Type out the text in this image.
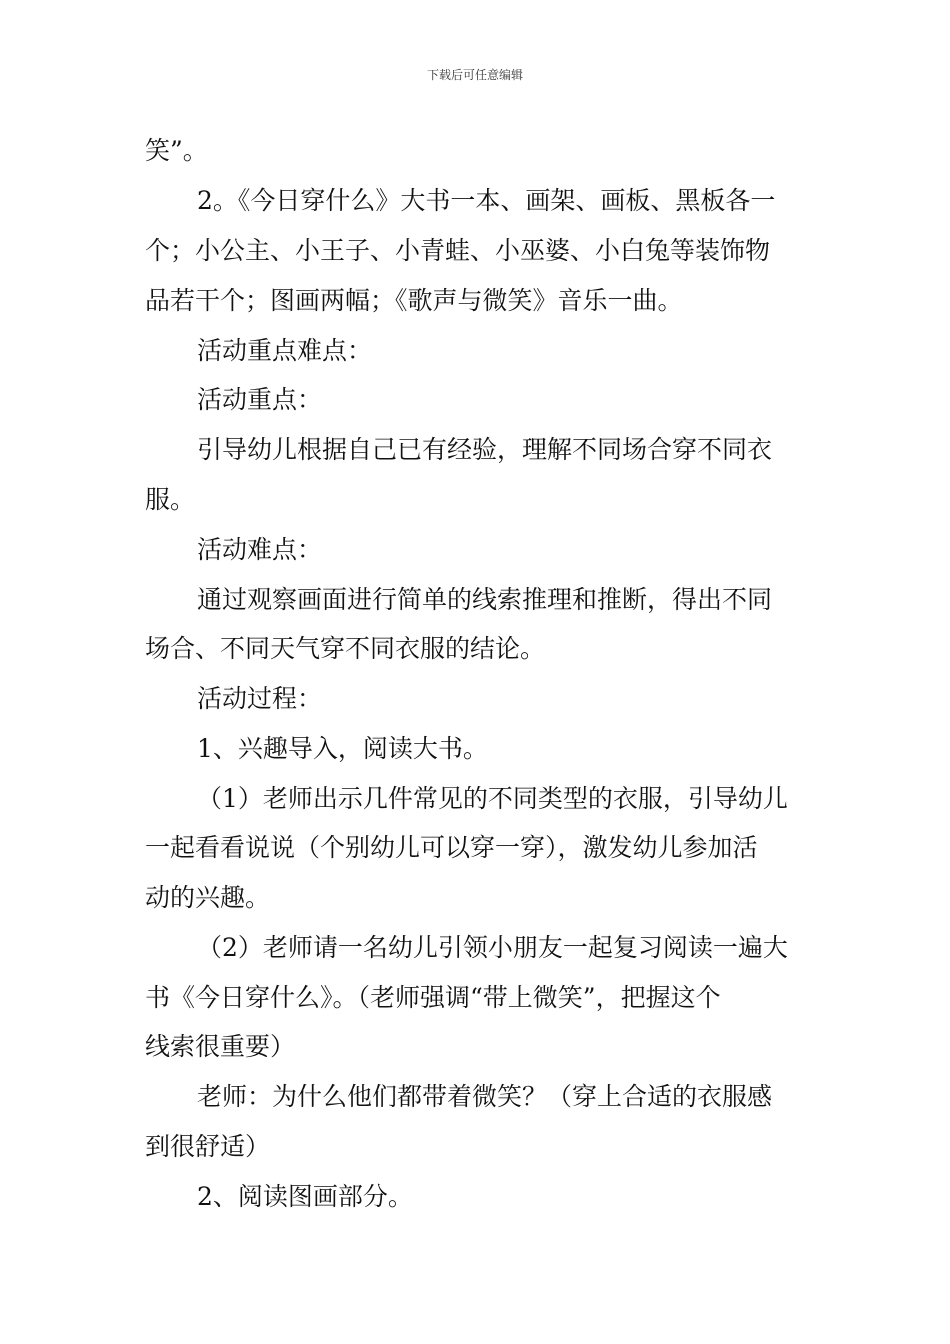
下载后可任意编辑
笑”。
2。《今日穿什么》大书一本、画架、画板、黑板各一
个；小公主、小王子、小青蛙、小巫婆、小白兔等装饰物
品若干个；图画两幅；《歌声与微笑》音乐一曲。
活动重点难点：
活动重点：
引导幼儿根据自己已有经验，理解不同场合穿不同衣
服。
活动难点：
通过观察画面进行简单的线索推理和推断，得出不同
场合、不同天气穿不同衣服的结论。
活动过程：
1、兴趣导入，阅读大书。
（1）老师出示几件常见的不同类型的衣服，引导幼儿
一起看看说说（个别幼儿可以穿一穿），激发幼儿参加活
动的兴趣。
（2）老师请一名幼儿引领小朋友一起复习阅读一遍大
书《今日穿什么》。（老师强调“带上微笑”，把握这个
线索很重要）
老师：为什么他们都带着微笑？（穿上合适的衣服感
到很舒适）
2、阅读图画部分。
